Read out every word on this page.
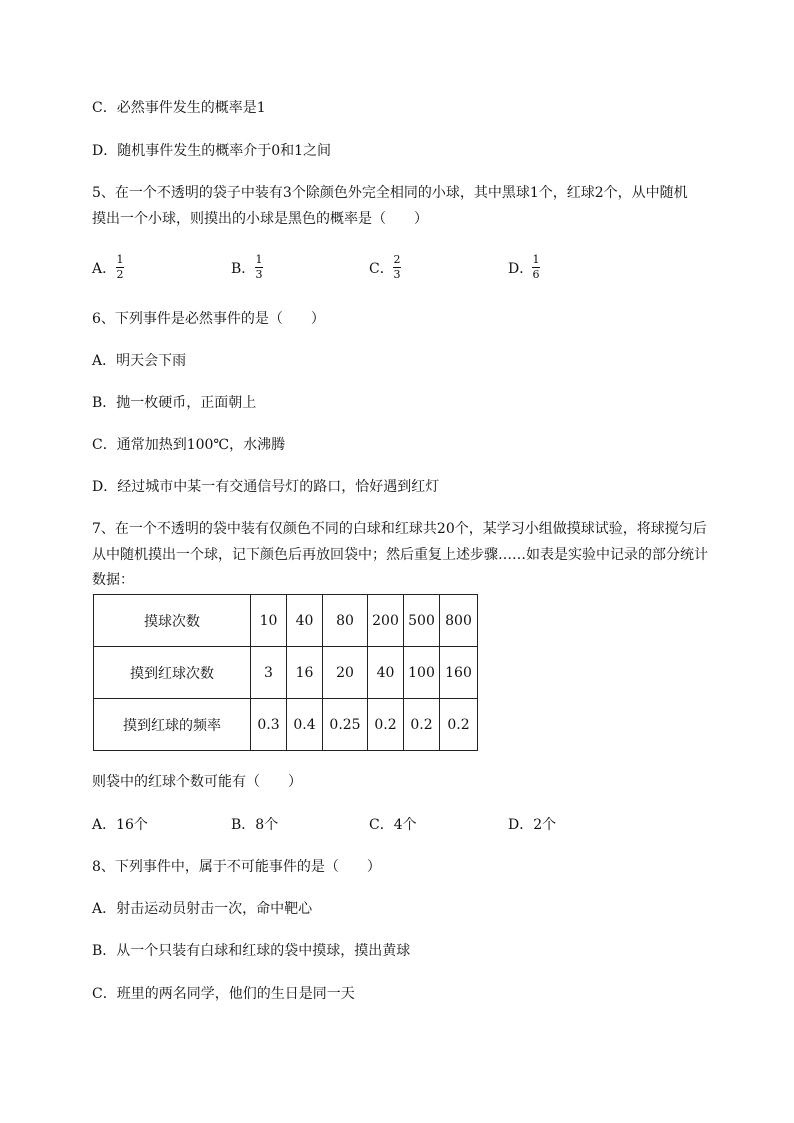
C．必然事件发生的概率是1
D．随机事件发生的概率介于0和1之间
5、在一个不透明的袋子中装有3个除颜色外完全相同的小球，其中黑球1个，红球2个，从中随机
摸出一个小球，则摸出的小球是黑色的概率是（　　）
A．
1
2	B．
1
3	C．
2
3	D．
1
6
6、下列事件是必然事件的是（　　）
A．明天会下雨
B．抛一枚硬币，正面朝上
C．通常加热到100℃，水沸腾
D．经过城市中某一有交通信号灯的路口，恰好遇到红灯
7、在一个不透明的袋中装有仅颜色不同的白球和红球共20个，某学习小组做摸球试验，将球搅匀后
从中随机摸出一个球，记下颜色后再放回袋中；然后重复上述步骤……如表是实验中记录的部分统计
数据：
摸球次数	10	40	80	200	500	800
摸到红球次数	3	16	20	40	100	160
摸到红球的频率	0.3	0.4	0.25	0.2	0.2	0.2
则袋中的红球个数可能有（　　）
A．16个	B．8个	C．4个	D．2个
8、下列事件中，属于不可能事件的是（　　）
A．射击运动员射击一次，命中靶心
B．从一个只装有白球和红球的袋中摸球，摸出黄球
C．班里的两名同学，他们的生日是同一天
